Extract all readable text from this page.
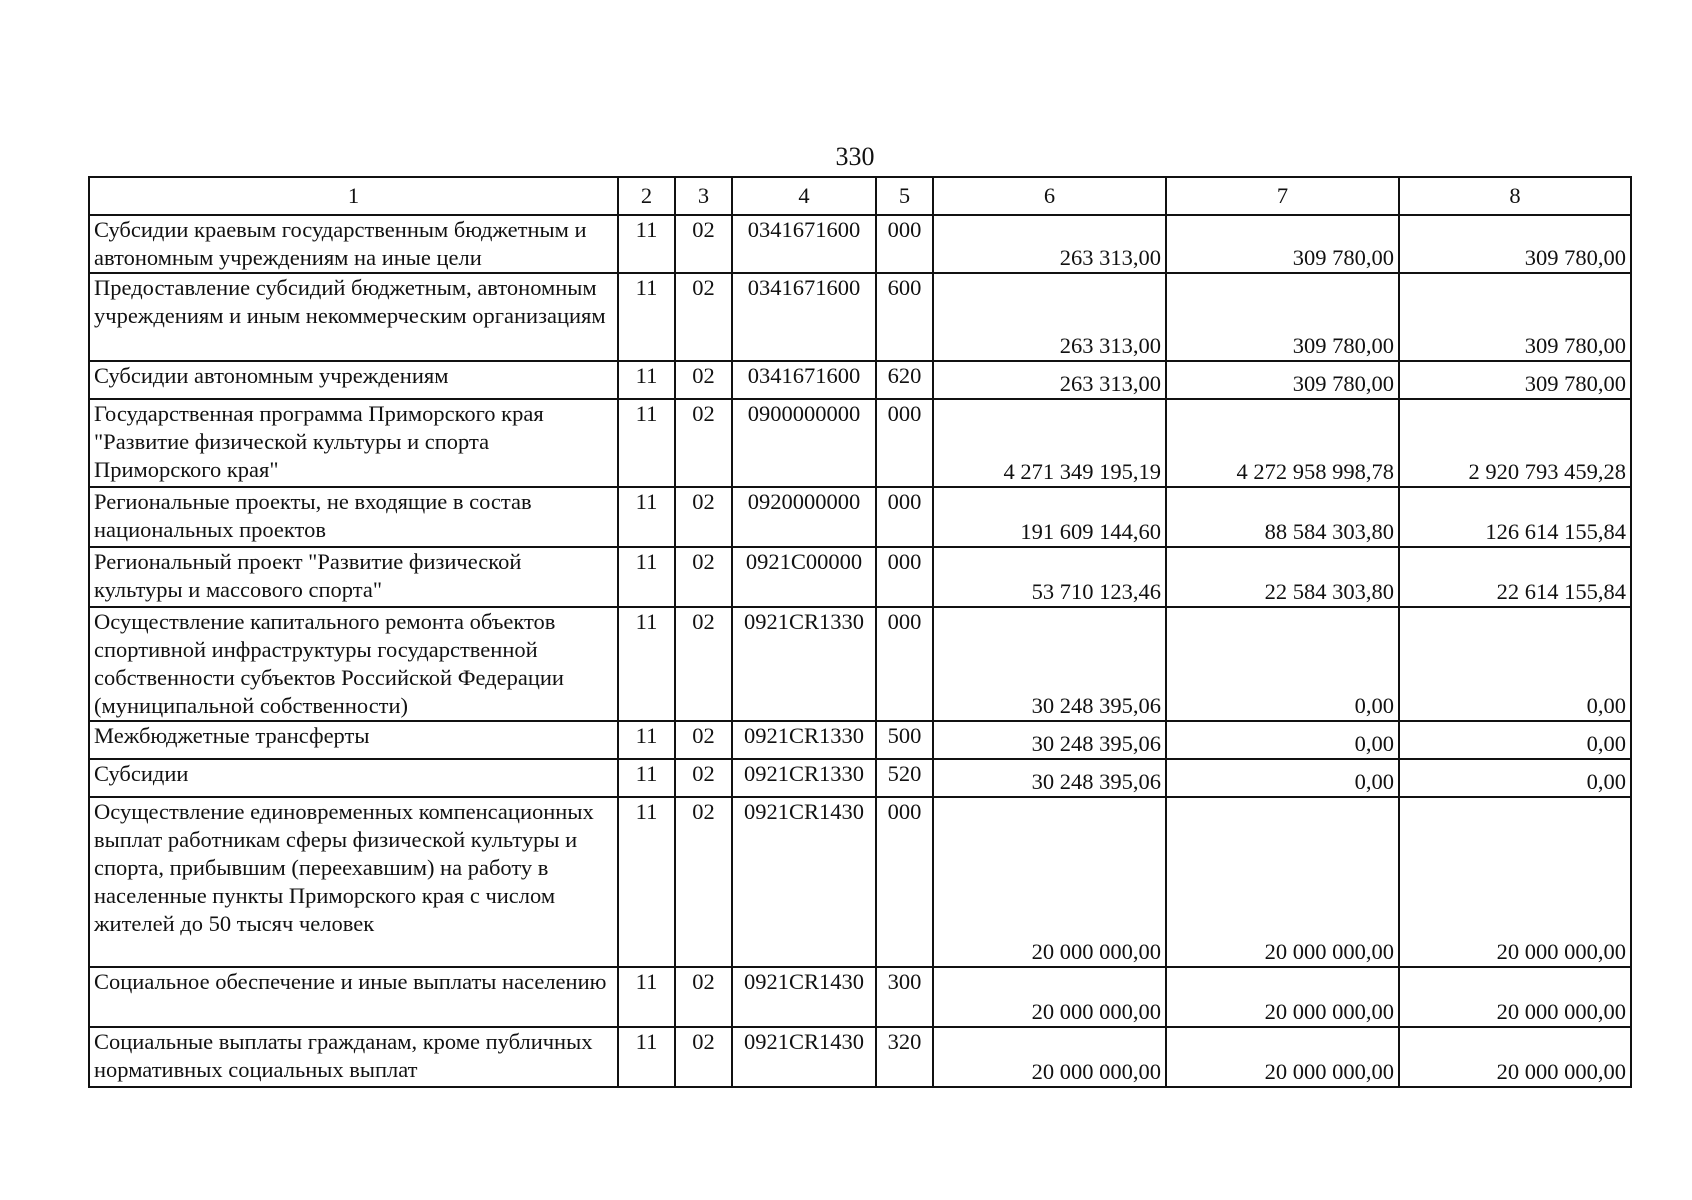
330
1	2	3	4	5	6	7	8
Субсидии краевым государственным бюджетным и автономным учреждениям на иные цели	11	02	0341671600	000	263 313,00	309 780,00	309 780,00
Предоставление субсидий бюджетным, автономным учреждениям и иным некоммерческим организациям	11	02	0341671600	600	263 313,00	309 780,00	309 780,00
Субсидии автономным учреждениям	11	02	0341671600	620	263 313,00	309 780,00	309 780,00
Государственная программа Приморского края "Развитие физической культуры и спорта Приморского края"	11	02	0900000000	000	4 271 349 195,19	4 272 958 998,78	2 920 793 459,28
Региональные проекты, не входящие в состав национальных проектов	11	02	0920000000	000	191 609 144,60	88 584 303,80	126 614 155,84
Региональный проект "Развитие физической культуры и массового спорта"	11	02	0921С00000	000	53 710 123,46	22 584 303,80	22 614 155,84
Осуществление капитального ремонта объектов спортивной инфраструктуры государственной собственности субъектов Российской Федерации (муниципальной собственности)	11	02	0921CR1330	000	30 248 395,06	0,00	0,00
Межбюджетные трансферты	11	02	0921CR1330	500	30 248 395,06	0,00	0,00
Субсидии	11	02	0921CR1330	520	30 248 395,06	0,00	0,00
Осуществление единовременных компенсационных выплат работникам сферы физической культуры и спорта, прибывшим (переехавшим) на работу в населенные пункты Приморского края с числом жителей до 50 тысяч человек	11	02	0921CR1430	000	20 000 000,00	20 000 000,00	20 000 000,00
Социальное обеспечение и иные выплаты населению	11	02	0921CR1430	300	20 000 000,00	20 000 000,00	20 000 000,00
Социальные выплаты гражданам, кроме публичных нормативных социальных выплат	11	02	0921CR1430	320	20 000 000,00	20 000 000,00	20 000 000,00
